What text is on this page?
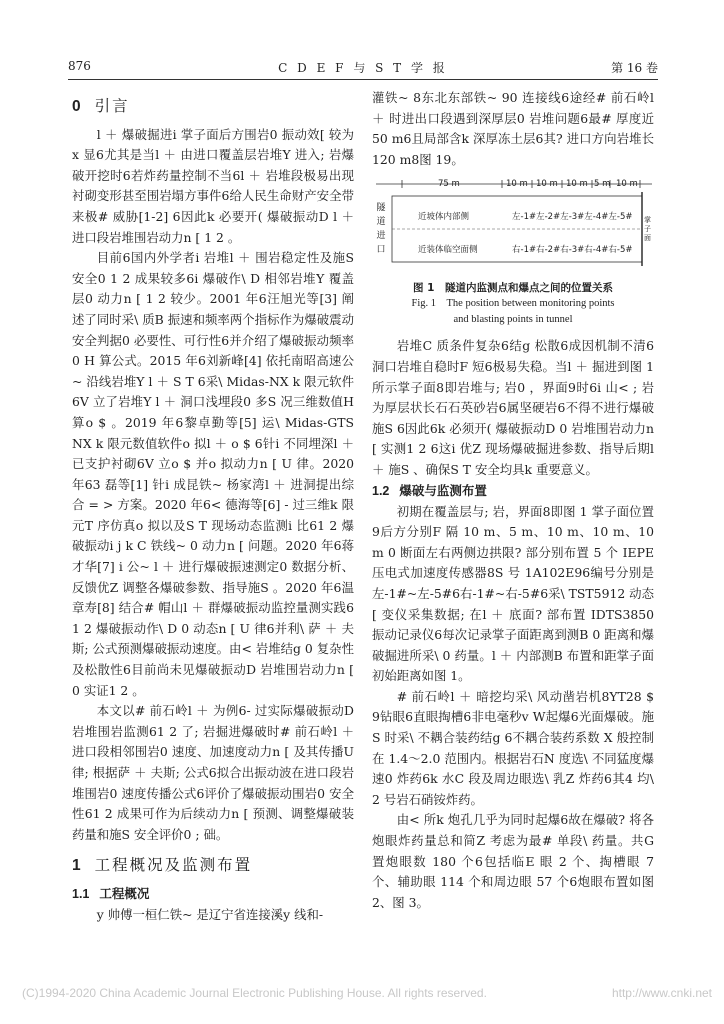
876	C D E F 与 S T 学 报	第 16 卷
0 引言

l ＋ 爆破掘进i 掌子面后方围岩0 振动效[ 较为x 显6尤其是当l ＋ 由进口覆盖层岩堆Y 进入; 岩爆破开挖时6若炸药量控制不当6l ＋ 岩堆段极易出现衬砌变形甚至围岩塌方事件6给人民生命财产安全带来极# 威胁[1-2] 6因此k 必要开( 爆破振动D l ＋ 进口段岩堆围岩动力n [ 1 2 。

目前6国内外学者i 岩堆l ＋ 围岩稳定性及施S 安全0 1 2 成果较多6i 爆破作\ D 相邻岩堆Y 覆盖层0 动力n [ 1 2 较少。2001 年6汪旭光等[3] 阐述了同时采\ 质B 振速和频率两个指标作为爆破震动安全判据0 必要性、可行性6并介绍了爆破振动频率0 H 算公式。2015 年6刘新峰[4] 依托南昭高速公~ 沿线岩堆Y l ＋ S T 6采\ Midas-NX k 限元软件6V 立了岩堆Y l ＋ 洞口浅埋段0 多S 况三维数值H 算o $ 。2019 年6黎卓勤等[5] 运\ Midas-GTS NX k 限元数值软件o 拟l ＋ o $ 6针i 不同埋深l ＋ 已支护衬砌6V 立o $ 并o 拟动力n [ U 律。2020 年63 磊等[1] 针i 成昆铁~ 杨家湾l ＋ 进洞提出综合 = > 方案。2020 年6< 德海等[6] - 过三维k 限元T 序仿真o 拟以及S T 现场动态监测i 比61 2 爆破振动i j k C 铁线~ 0 动力n [ 问题。2020 年6蒋才华[7] i 公~ l ＋ 进行爆破振速测定0 数据分析、反馈优Z 调整各爆破参数、指导施S 。2020 年6温章寿[8] 结合# 帽山l ＋ 群爆破振动监控量测实践6 1 2 爆破振动作\ D 0 动态n [ U 律6并利\ 萨 ＋ 夫斯; 公式预测爆破振动速度。由< 岩堆结g 0 复杂性及松散性6目前尚未见爆破振动D 岩堆围岩动力n [ 0 实证1 2 。

本文以# 前石岭l ＋ 为例6- 过实际爆破振动D 岩堆围岩监测61 2 了; 岩掘进爆破时# 前石岭l ＋ 进口段相邻围岩0 速度、加速度动力n [ 及其传播U 律; 根据萨 ＋ 夫斯; 公式6拟合出振动波在进口段岩堆围岩0 速度传播公式6评价了爆破振动围岩0 安全性61 2 成果可作为后续动力n [ 预测、调整爆破装药量和施S 安全评价0 ; 础。

1 工程概况及监测布置
1.1 工程概况

y 帅傅一桓仁铁~ 是辽宁省连接溪y 线和-

灌铁~ 8东北东部铁~ 90 连接线6途经# 前石岭l ＋ 时进出口段遇到深厚层0 岩堆问题6最# 厚度近 50 m6且局部含k 深厚冻土层6其? 进口方向岩堆长 120 m8图 19。

75 m	10 m 10 m 10 m 5 m 10 m
隧
道
进
口
近坡体内部侧
近装体临空面侧
左-1#左-2#左-3#左-4#左-5#
右-1#右-2#右-3#右-4#右-5#
掌子面
图 1　隧道内监测点和爆点之间的位置关系
Fig. 1　The position between monitoring points
and blasting points in tunnel

岩堆C 质条件复杂6结g 松散6成因机制不清6洞口岩堆自稳时F 短6极易失稳。当l ＋ 掘进到图 1 所示掌子面8即岩堆与; 岩0 ，界面9时6i 山< ; 岩为厚层状长石石英砂岩6属坚硬岩6不得不进行爆破施S 6因此6k 必须开( 爆破振动D 0 岩堆围岩动力n [ 实测1 2 6这i 优Z 现场爆破掘进参数、指导后期l ＋ 施S 、确保S T 安全均具k 重要意义。

1.2 爆破与监测布置

初期在覆盖层与; 岩，界面8即图 1 掌子面位置9后方分别F 隔 10 m、5 m、10 m、10 m、10 m 0 断面左右两侧边拱限? 部分别布置 5 个 IEPE 压电式加速度传感器8S 号 1A102E96编号分别是左-1#~左-5#6右-1#~右-5#6采\ TST5912 动态[ 变仪采集数据; 在l ＋ 底面? 部布置 IDTS3850 振动记录仪6每次记录掌子面距离到测B 0 距离和爆破掘进所采\ 0 药量。l ＋ 内部测B 布置和距掌子面初始距离如图 1。

# 前石岭l ＋ 暗挖均采\ 风动凿岩机8YT28 $ 9钻眼6直眼掏槽6非电毫秒v W起爆6光面爆破。施S 时采\ 不耦合装药结g 6不耦合装药系数 X 般控制在 1.4～2.0 范围内。根据岩石N 度选\ 不同猛度爆速0 炸药6k 水C 段及周边眼选\ 乳Z 炸药6其4 均\ 2 号岩石硝铵炸药。

由< 所k 炮孔几乎为同时起爆6故在爆破? 将各炮眼炸药量总和简Z 考虑为最# 单段\ 药量。共G 置炮眼数 180 个6包括临E 眼 2 个、掏槽眼 7 个、辅助眼 114 个和周边眼 57 个6炮眼布置如图 2、图 3。

(C)1994-2020 China Academic Journal Electronic Publishing House. All rights reserved.	http://www.cnki.net
